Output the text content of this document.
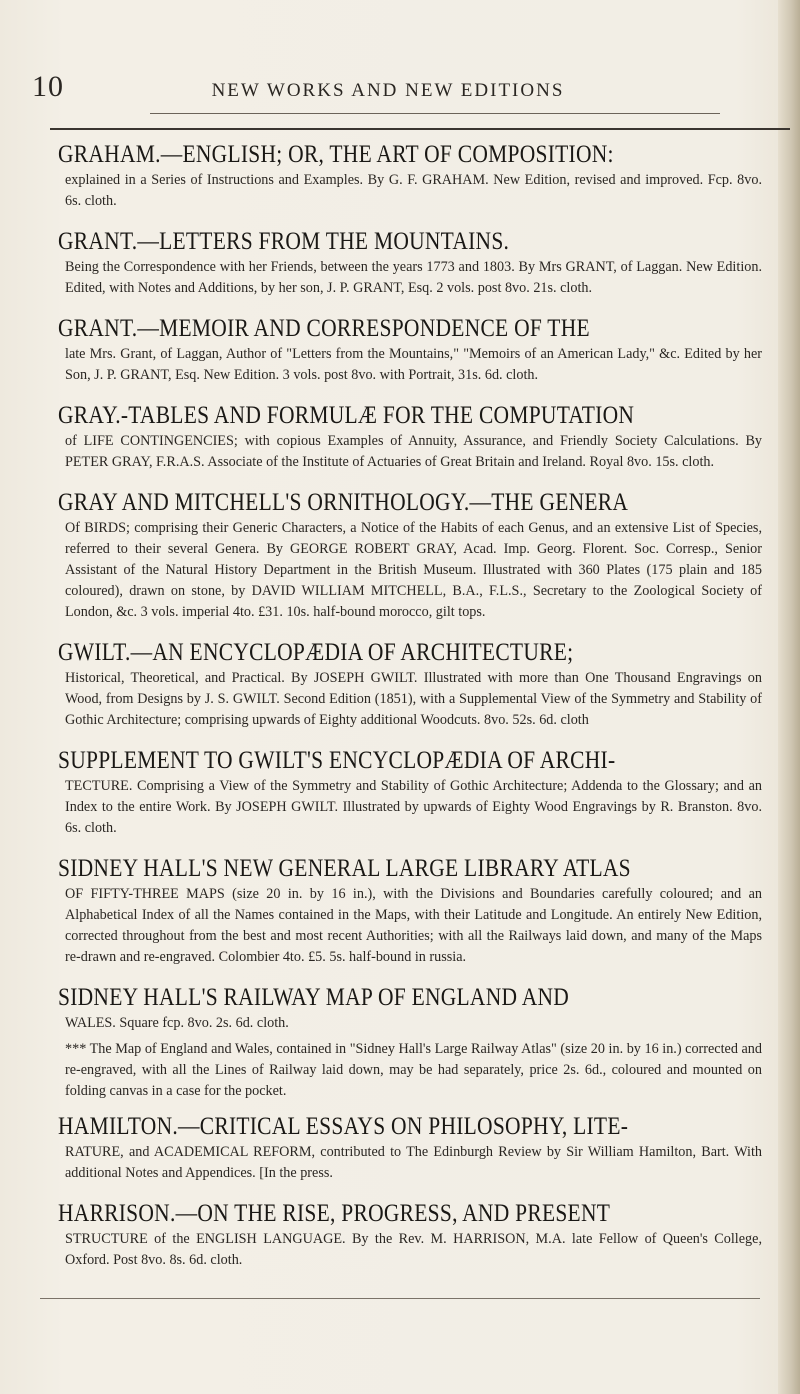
10	NEW WORKS AND NEW EDITIONS
GRAHAM.—ENGLISH; OR, THE ART OF COMPOSITION:
explained in a Series of Instructions and Examples. By G. F. GRAHAM. New Edition, revised and improved. Fcp. 8vo. 6s. cloth.
GRANT.—LETTERS FROM THE MOUNTAINS.
Being the Correspondence with her Friends, between the years 1773 and 1803. By Mrs GRANT, of Laggan. New Edition. Edited, with Notes and Additions, by her son, J. P. GRANT, Esq. 2 vols. post 8vo. 21s. cloth.
GRANT.—MEMOIR AND CORRESPONDENCE OF THE
late Mrs. Grant, of Laggan, Author of "Letters from the Mountains," "Memoirs of an American Lady," &c. Edited by her Son, J. P. GRANT, Esq. New Edition. 3 vols. post 8vo. with Portrait, 31s. 6d. cloth.
GRAY.-TABLES AND FORMULÆ FOR THE COMPUTATION
of LIFE CONTINGENCIES; with copious Examples of Annuity, Assurance, and Friendly Society Calculations. By PETER GRAY, F.R.A.S. Associate of the Institute of Actuaries of Great Britain and Ireland. Royal 8vo. 15s. cloth.
GRAY AND MITCHELL'S ORNITHOLOGY.—THE GENERA
Of BIRDS; comprising their Generic Characters, a Notice of the Habits of each Genus, and an extensive List of Species, referred to their several Genera. By GEORGE ROBERT GRAY, Acad. Imp. Georg. Florent. Soc. Corresp., Senior Assistant of the Natural History Department in the British Museum. Illustrated with 360 Plates (175 plain and 185 coloured), drawn on stone, by DAVID WILLIAM MITCHELL, B.A., F.L.S., Secretary to the Zoological Society of London, &c. 3 vols. imperial 4to. £31. 10s. half-bound morocco, gilt tops.
GWILT.—AN ENCYCLOPÆDIA OF ARCHITECTURE;
Historical, Theoretical, and Practical. By JOSEPH GWILT. Illustrated with more than One Thousand Engravings on Wood, from Designs by J. S. GWILT. Second Edition (1851), with a Supplemental View of the Symmetry and Stability of Gothic Architecture; comprising upwards of Eighty additional Woodcuts. 8vo. 52s. 6d. cloth
SUPPLEMENT TO GWILT'S ENCYCLOPÆDIA OF ARCHI-
TECTURE. Comprising a View of the Symmetry and Stability of Gothic Architecture; Addenda to the Glossary; and an Index to the entire Work. By JOSEPH GWILT. Illustrated by upwards of Eighty Wood Engravings by R. Branston. 8vo. 6s. cloth.
SIDNEY HALL'S NEW GENERAL LARGE LIBRARY ATLAS
OF FIFTY-THREE MAPS (size 20 in. by 16 in.), with the Divisions and Boundaries carefully coloured; and an Alphabetical Index of all the Names contained in the Maps, with their Latitude and Longitude. An entirely New Edition, corrected throughout from the best and most recent Authorities; with all the Railways laid down, and many of the Maps re-drawn and re-engraved. Colombier 4to. £5. 5s. half-bound in russia.
SIDNEY HALL'S RAILWAY MAP OF ENGLAND AND
WALES. Square fcp. 8vo. 2s. 6d. cloth.
*** The Map of England and Wales, contained in "Sidney Hall's Large Railway Atlas" (size 20 in. by 16 in.) corrected and re-engraved, with all the Lines of Railway laid down, may be had separately, price 2s. 6d., coloured and mounted on folding canvas in a case for the pocket.
HAMILTON.—CRITICAL ESSAYS ON PHILOSOPHY, LITE-
RATURE, and ACADEMICAL REFORM, contributed to The Edinburgh Review by Sir William Hamilton, Bart. With additional Notes and Appendices. [In the press.
HARRISON.—ON THE RISE, PROGRESS, AND PRESENT
STRUCTURE of the ENGLISH LANGUAGE. By the Rev. M. HARRISON, M.A. late Fellow of Queen's College, Oxford. Post 8vo. 8s. 6d. cloth.
